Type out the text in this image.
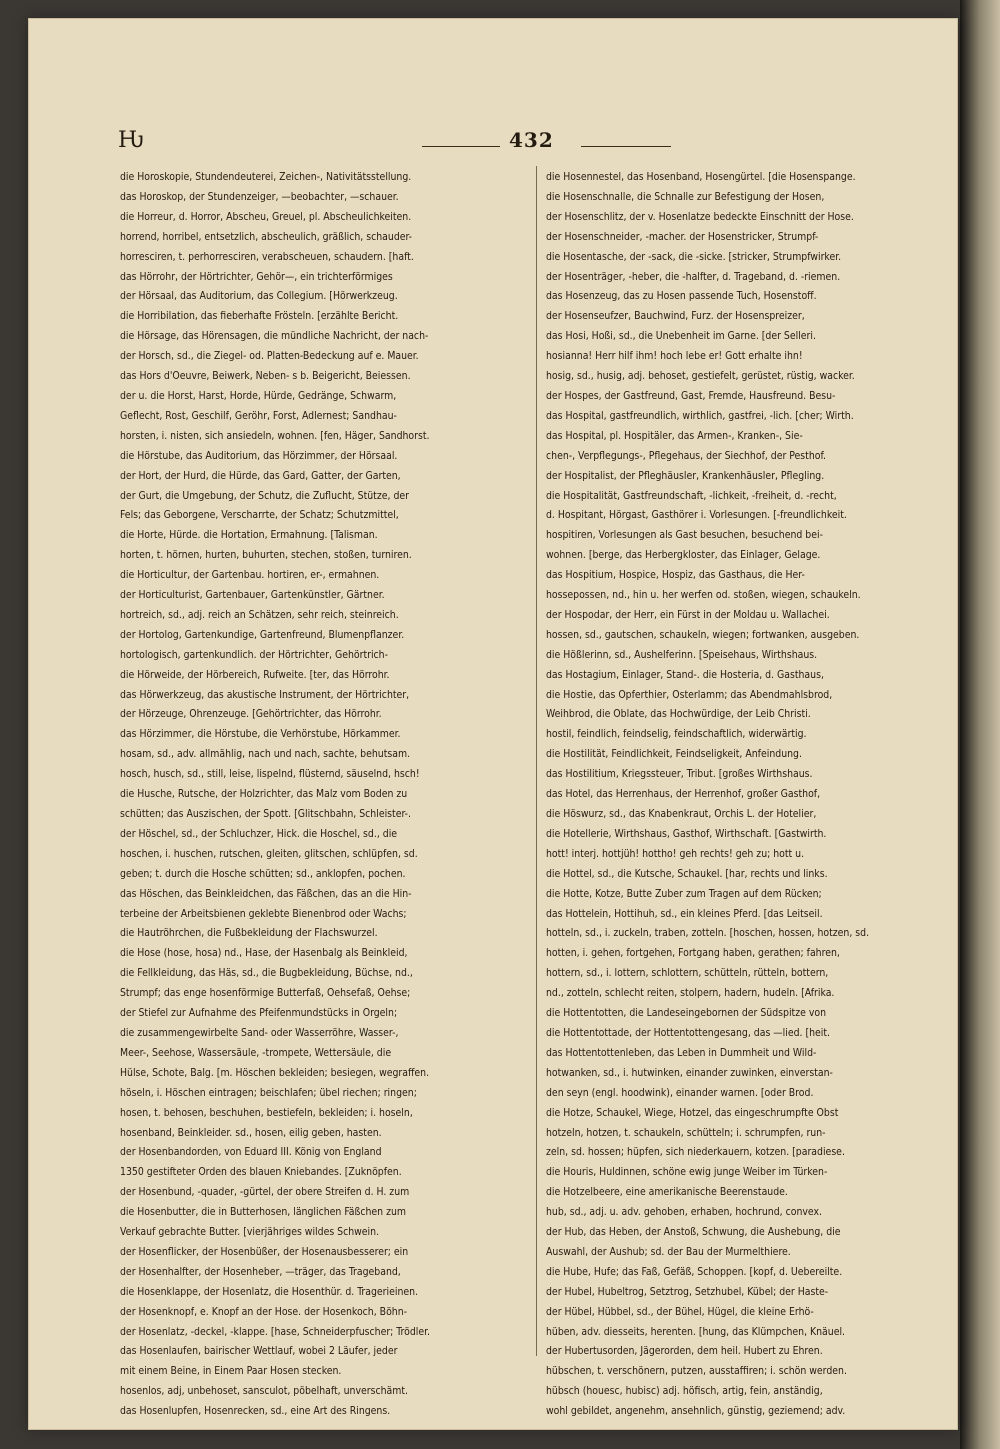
Ƕ	432
die Horoskopie, Stundendeuterei, Zeichen-, Nativitätsstellung.
das Horoskop, der Stundenzeiger, —beobachter, —schauer.
die Horreur, d. Horror, Abscheu, Greuel, pl. Abscheulichkeiten.
horrend, horribel, entsetzlich, abscheulich, gräßlich, schauder-
horresciren, t. perhorresciren, verabscheuen, schaudern. [haft.
das Hörrohr, der Hörtrichter, Gehör—, ein trichterförmiges
der Hörsaal, das Auditorium, das Collegium. [Hörwerkzeug.
die Horribilation, das fieberhafte Frösteln. [erzählte Bericht.
die Hörsage, das Hörensagen, die mündliche Nachricht, der nach-
der Horsch, sd., die Ziegel- od. Platten-Bedeckung auf e. Mauer.
das Hors d'Oeuvre, Beiwerk, Neben- s b. Beigericht, Beiessen.
der u. die Horst, Harst, Horde, Hürde, Gedränge, Schwarm,
Geflecht, Rost, Geschilf, Geröhr, Forst, Adlernest; Sandhau-
horsten, i. nisten, sich ansiedeln, wohnen. [fen, Häger, Sandhorst.
die Hörstube, das Auditorium, das Hörzimmer, der Hörsaal.
der Hort, der Hurd, die Hürde, das Gard, Gatter, der Garten,
der Gurt, die Umgebung, der Schutz, die Zuflucht, Stütze, der
Fels; das Geborgene, Verscharrte, der Schatz; Schutzmittel,
die Horte, Hürde. die Hortation, Ermahnung. [Talisman.
horten, t. hörnen, hurten, buhurten, stechen, stoßen, turniren.
die Horticultur, der Gartenbau. hortiren, er-, ermahnen.
der Horticulturist, Gartenbauer, Gartenkünstler, Gärtner.
hortreich, sd., adj. reich an Schätzen, sehr reich, steinreich.
der Hortolog, Gartenkundige, Gartenfreund, Blumenpflanzer.
hortologisch, gartenkundlich. der Hörtrichter, Gehörtrich-
die Hörweide, der Hörbereich, Rufweite. [ter, das Hörrohr.
das Hörwerkzeug, das akustische Instrument, der Hörtrichter,
der Hörzeuge, Ohrenzeuge. [Gehörtrichter, das Hörrohr.
das Hörzimmer, die Hörstube, die Verhörstube, Hörkammer.
hosam, sd., adv. allmählig, nach und nach, sachte, behutsam.
hosch, husch, sd., still, leise, lispelnd, flüsternd, säuselnd, hsch!
die Husche, Rutsche, der Holzrichter, das Malz vom Boden zu
schütten; das Auszischen, der Spott. [Glitschbahn, Schleister-.
der Höschel, sd., der Schluchzer, Hick. die Hoschel, sd., die
hoschen, i. huschen, rutschen, gleiten, glitschen, schlüpfen, sd.
geben; t. durch die Hosche schütten; sd., anklopfen, pochen.
das Höschen, das Beinkleidchen, das Fäßchen, das an die Hin-
terbeine der Arbeitsbienen geklebte Bienenbrod oder Wachs;
die Hautröhrchen, die Fußbekleidung der Flachswurzel.
die Hose (hose, hosa) nd., Hase, der Hasenbalg als Beinkleid,
die Fellkleidung, das Häs, sd., die Bugbekleidung, Büchse, nd.,
Strumpf; das enge hosenförmige Butterfaß, Oehsefaß, Oehse;
der Stiefel zur Aufnahme des Pfeifenmundstücks in Orgeln;
die zusammengewirbelte Sand- oder Wasserröhre, Wasser-,
Meer-, Seehose, Wassersäule, -trompete, Wettersäule, die
Hülse, Schote, Balg. [m. Höschen bekleiden; besiegen, wegraffen.
höseln, i. Höschen eintragen; beischlafen; übel riechen; ringen;
hosen, t. behosen, beschuhen, bestiefeln, bekleiden; i. hoseln,
hosenband, Beinkleider. sd., hosen, eilig geben, hasten.
der Hosenbandorden, von Eduard III. König von England
1350 gestifteter Orden des blauen Kniebandes. [Zuknöpfen.
der Hosenbund, -quader, -gürtel, der obere Streifen d. H. zum
die Hosenbutter, die in Butterhosen, länglichen Fäßchen zum
Verkauf gebrachte Butter. [vierjähriges wildes Schwein.
der Hosenflicker, der Hosenbüßer, der Hosenausbesserer; ein
der Hosenhalfter, der Hosenheber, —träger, das Trageband,
die Hosenklappe, der Hosenlatz, die Hosenthür. d. Tragerieinen.
der Hosenknopf, e. Knopf an der Hose. der Hosenkoch, Böhn-
der Hosenlatz, -deckel, -klappe. [hase, Schneiderpfuscher; Trödler.
das Hosenlaufen, bairischer Wettlauf, wobei 2 Läufer, jeder
mit einem Beine, in Einem Paar Hosen stecken.
hosenlos, adj, unbehoset, sansculot, pöbelhaft, unverschämt.
das Hosenlupfen, Hosenrecken, sd., eine Art des Ringens.
die Hosennestel, das Hosenband, Hosengürtel. [die Hosenspange.
die Hosenschnalle, die Schnalle zur Befestigung der Hosen,
der Hosenschlitz, der v. Hosenlatze bedeckte Einschnitt der Hose.
der Hosenschneider, -macher. der Hosenstricker, Strumpf-
die Hosentasche, der -sack, die -sicke. [stricker, Strumpfwirker.
der Hosenträger, -heber, die -halfter, d. Trageband, d. -riemen.
das Hosenzeug, das zu Hosen passende Tuch, Hosenstoff.
der Hosenseufzer, Bauchwind, Furz. der Hosenspreizer,
das Hosi, Hoßi, sd., die Unebenheit im Garne. [der Selleri.
hosianna! Herr hilf ihm! hoch lebe er! Gott erhalte ihn!
hosig, sd., husig, adj. behoset, gestiefelt, gerüstet, rüstig, wacker.
der Hospes, der Gastfreund, Gast, Fremde, Hausfreund. Besu-
das Hospital, gastfreundlich, wirthlich, gastfrei, -lich. [cher; Wirth.
das Hospital, pl. Hospitäler, das Armen-, Kranken-, Sie-
chen-, Verpflegungs-, Pflegehaus, der Siechhof, der Pesthof.
der Hospitalist, der Pfleghäusler, Krankenhäusler, Pflegling.
die Hospitalität, Gastfreundschaft, -lichkeit, -freiheit, d. -recht,
d. Hospitant, Hörgast, Gasthörer i. Vorlesungen. [-freundlichkeit.
hospitiren, Vorlesungen als Gast besuchen, besuchend bei-
wohnen. [berge, das Herbergkloster, das Einlager, Gelage.
das Hospitium, Hospice, Hospiz, das Gasthaus, die Her-
hossepossen, nd., hin u. her werfen od. stoßen, wiegen, schaukeln.
der Hospodar, der Herr, ein Fürst in der Moldau u. Wallachei.
hossen, sd., gautschen, schaukeln, wiegen; fortwanken, ausgeben.
die Hößlerinn, sd., Aushelferinn. [Speisehaus, Wirthshaus.
das Hostagium, Einlager, Stand-. die Hosteria, d. Gasthaus,
die Hostie, das Opferthier, Osterlamm; das Abendmahlsbrod,
Weihbrod, die Oblate, das Hochwürdige, der Leib Christi.
hostil, feindlich, feindselig, feindschaftlich, widerwärtig.
die Hostilität, Feindlichkeit, Feindseligkeit, Anfeindung.
das Hostilitium, Kriegssteuer, Tribut. [großes Wirthshaus.
das Hotel, das Herrenhaus, der Herrenhof, großer Gasthof,
die Höswurz, sd., das Knabenkraut, Orchis L. der Hotelier,
die Hotellerie, Wirthshaus, Gasthof, Wirthschaft. [Gastwirth.
hott! interj. hottjüh! hottho! geh rechts! geh zu; hott u.
die Hottel, sd., die Kutsche, Schaukel. [har, rechts und links.
die Hotte, Kotze, Butte Zuber zum Tragen auf dem Rücken;
das Hottelein, Hottihuh, sd., ein kleines Pferd. [das Leitseil.
hotteln, sd., i. zuckeln, traben, zotteln. [hoschen, hossen, hotzen, sd.
hotten, i. gehen, fortgehen, Fortgang haben, gerathen; fahren,
hottern, sd., i. lottern, schlottern, schütteln, rütteln, bottern,
nd., zotteln, schlecht reiten, stolpern, hadern, hudeln. [Afrika.
die Hottentotten, die Landeseingebornen der Südspitze von
die Hottentottade, der Hottentottengesang, das —lied. [heit.
das Hottentottenleben, das Leben in Dummheit und Wild-
hotwanken, sd., i. hutwinken, einander zuwinken, einverstan-
den seyn (engl. hoodwink), einander warnen. [oder Brod.
die Hotze, Schaukel, Wiege, Hotzel, das eingeschrumpfte Obst
hotzeln, hotzen, t. schaukeln, schütteln; i. schrumpfen, run-
zeln, sd. hossen; hüpfen, sich niederkauern, kotzen. [paradiese.
die Houris, Huldinnen, schöne ewig junge Weiber im Türken-
die Hotzelbeere, eine amerikanische Beerenstaude.
hub, sd., adj. u. adv. gehoben, erhaben, hochrund, convex.
der Hub, das Heben, der Anstoß, Schwung, die Aushebung, die
Auswahl, der Aushub; sd. der Bau der Murmelthiere.
die Hube, Hufe; das Faß, Gefäß, Schoppen. [kopf, d. Uebereilte.
der Hubel, Hubeltrog, Setztrog, Setzhubel, Kübel; der Haste-
der Hübel, Hübbel, sd., der Bühel, Hügel, die kleine Erhö-
hüben, adv. diesseits, herenten. [hung, das Klümpchen, Knäuel.
der Hubertusorden, Jägerorden, dem heil. Hubert zu Ehren.
hübschen, t. verschönern, putzen, ausstaffiren; i. schön werden.
hübsch (houesc, hubisc) adj. höfisch, artig, fein, anständig,
wohl gebildet, angenehm, ansehnlich, günstig, geziemend; adv.
